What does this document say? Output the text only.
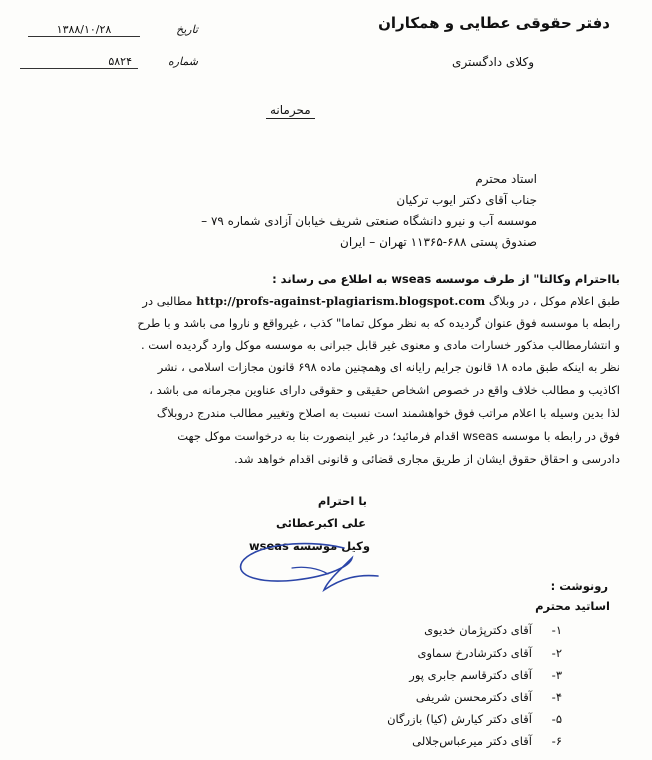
دفتر حقوقی عطایی و همکاران
وکلای دادگستری
تاریخ
۱۳۸۸/۱۰/۲۸
شماره
۵۸۲۴
محرمانه
استاد محترم
جناب آقای دکتر ایوب ترکیان
موسسه آب و نیرو دانشگاه صنعتی شریف خیابان آزادی شماره ۷۹ –
صندوق پستی ۶۸۸-۱۱۳۶۵ تهران – ایران
بااحترام وکالتا" از طرف موسسه wseas به اطلاع می رساند :
طبق اعلام موکل ، در وبلاگ http://profs-against-plagiarism.blogspot.com مطالبی در
رابطه با موسسه فوق عنوان گردیده که به نظر موکل تماما" کذب ، غیرواقع و ناروا می باشد و با طرح
و انتشارمطالب مذکور خسارات مادی و معنوی غیر قابل جبرانی به موسسه موکل وارد گردیده است .
نظر به اینکه طبق ماده ۱۸ قانون جرایم رایانه ای وهمچنین ماده ۶۹۸ قانون مجازات اسلامی ، نشر
اکاذیب و مطالب خلاف واقع در خصوص اشخاص حقیقی و حقوقی دارای عناوین مجرمانه می باشد ،
لذا بدین وسیله با اعلام مراتب فوق خواهشمند است نسبت به اصلاح وتغییر مطالب مندرج دروبلاگ
فوق در رابطه با موسسه wseas اقدام فرمائید؛ در غیر اینصورت بنا به درخواست موکل جهت
دادرسی و احقاق حقوق ایشان از طریق مجاری قضائی و قانونی اقدام خواهد شد.
با احترام
علی اکبرعطائی
وکیل موسسه wseas
رونوشت :
اساتید محترم
۱-آقای دکترپژمان خدیوی
۲-آقای دکترشادرخ سماوی
۳-آقای دکترقاسم جابری پور
۴-آقای دکترمحسن شریفی
۵-آقای دکتر کیارش (کیا) بازرگان
۶-آقای دکتر میرعباس‌جلالی
